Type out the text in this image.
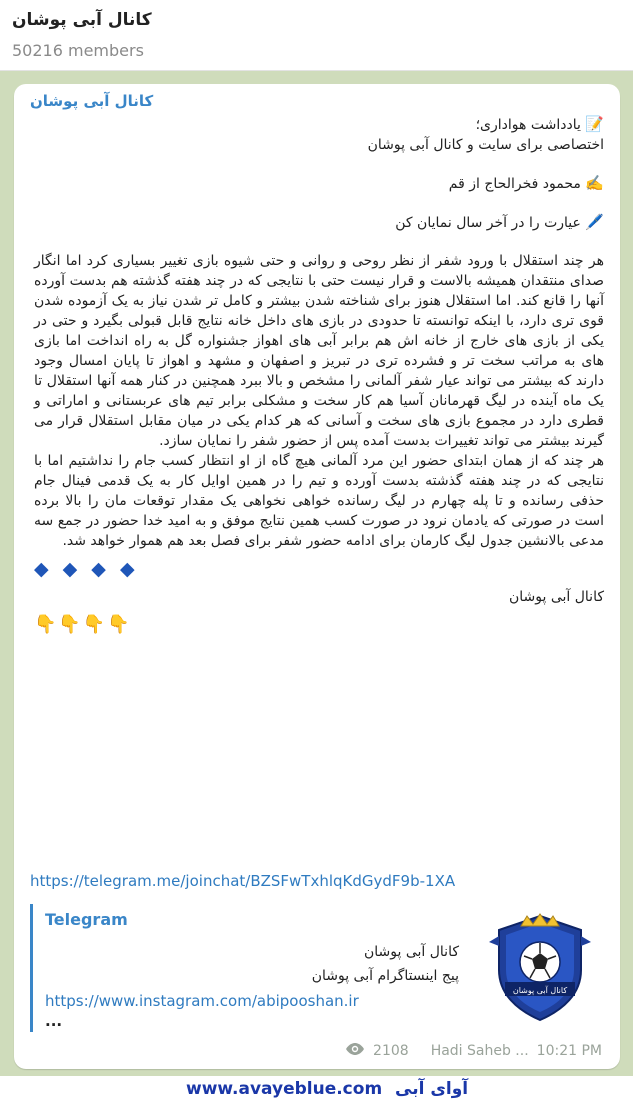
کانال آبی پوشان
50216 members
کانال آبی پوشان

📝 یادداشت هواداری؛

اختصاصی برای سایت و کانال آبی پوشان

✍️ محمود فخرالحاج از قم

🖊️ عیارت را در آخر سال نمایان کن

هر چند استقلال با ورود شفر از نظر روحی و روانی و حتی شیوه بازی تغییر بسیاری کرد اما انگار صدای منتقدان همیشه بالاست و قرار نیست حتی با نتایجی که در چند هفته گذشته هم بدست آورده آنها را قانع کند. اما استقلال هنوز برای شناخته شدن بیشتر و کامل تر شدن نیاز به یک آزموده شدن قوی تری دارد، با اینکه توانسته تا حدودی در بازی های داخل خانه نتایج قابل قبولی بگیرد و حتی در یکی از بازی های خارج از خانه اش هم برابر آبی های اهواز جشنواره گل به راه انداخت اما بازی های به مراتب سخت تر و فشرده تری در تبریز و اصفهان و مشهد و اهواز تا پایان امسال وجود دارند که بیشتر می تواند عیار شفر آلمانی را مشخص و بالا ببرد همچنین در کنار همه آنها استقلال تا یک ماه آینده در لیگ قهرمانان آسیا هم کار سخت و مشکلی برابر تیم های عربستانی و اماراتی و قطری دارد در مجموع بازی های سخت و آسانی که هر کدام یکی در میان مقابل استقلال قرار می گیرند بیشتر می تواند تغییرات بدست آمده پس از حضور شفر را نمایان سازد.

هر چند که از همان ابتدای حضور این مرد آلمانی هیچ گاه از او انتظار کسب جام را نداشتیم اما با نتایجی که در چند هفته گذشته بدست آورده و تیم را در همین اوایل کار به یک قدمی فینال جام حذفی رسانده و تا پله چهارم در لیگ رسانده خواهی نخواهی یک مقدار توقعات مان را بالا برده است در صورتی که یادمان نرود در صورت کسب همین نتایج موفق و به امید خدا حضور در جمع سه مدعی بالانشین جدول لیگ کارمان برای ادامه حضور شفر برای فصل بعد هم هموار خواهد شد.

◆ ◆ ◆ ◆

کانال آبی پوشان

👇👇👇👇

https://telegram.me/joinchat/BZSFwTxhlqKdGydF9b-1XA
Telegram
کانال آبی پوشان
پیج اینستاگرام آبی پوشان
https://www.instagram.com/abipooshan.ir
...
کانال آبی پوشان
2108 Hadi Saheb ... 10:21 PM
www.avayeblue.com آوای آبی
